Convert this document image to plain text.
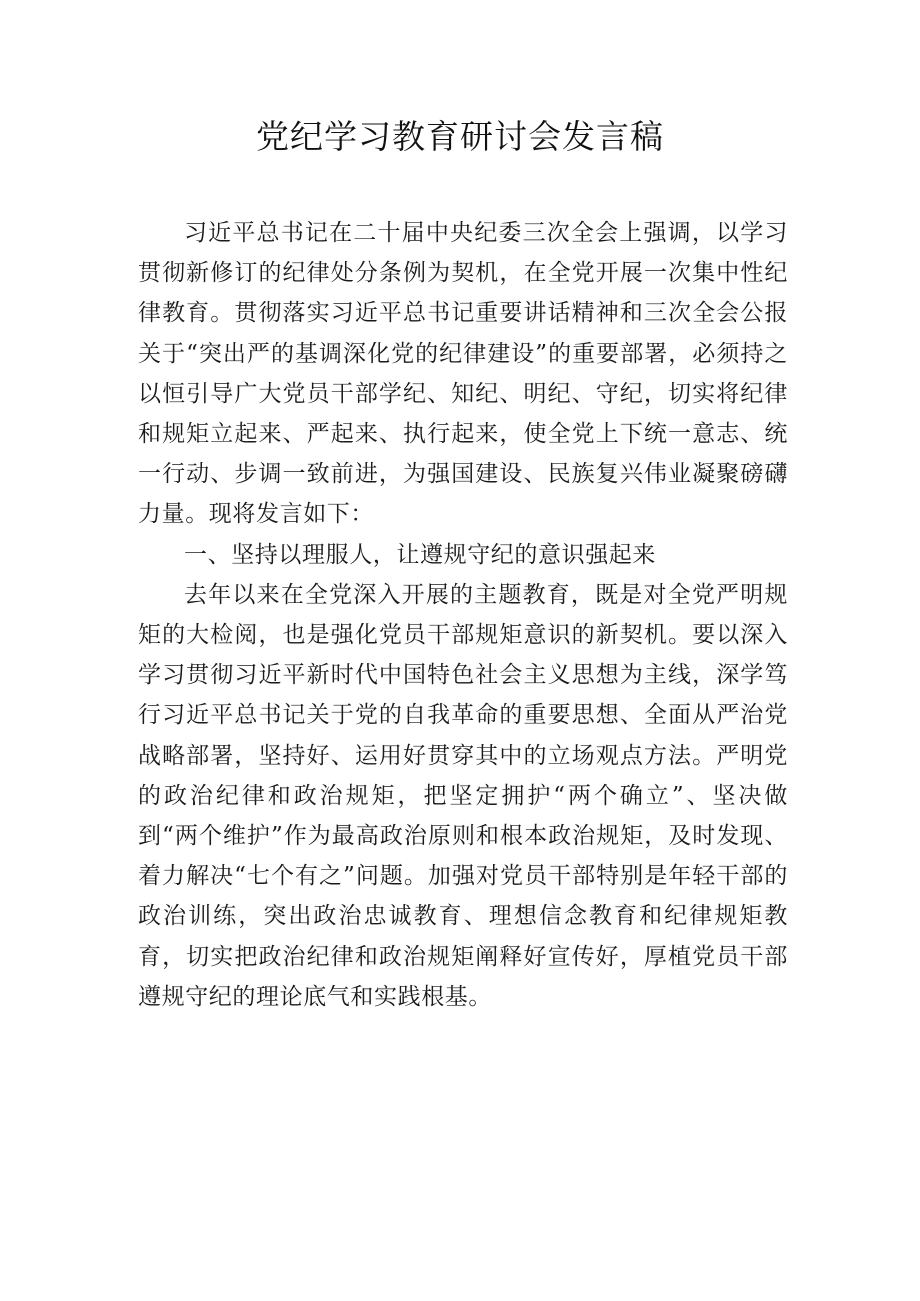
党纪学习教育研讨会发言稿

习近平总书记在二十届中央纪委三次全会上强调，以学习贯彻新修订的纪律处分条例为契机，在全党开展一次集中性纪律教育。贯彻落实习近平总书记重要讲话精神和三次全会公报关于“突出严的基调深化党的纪律建设”的重要部署，必须持之以恒引导广大党员干部学纪、知纪、明纪、守纪，切实将纪律和规矩立起来、严起来、执行起来，使全党上下统一意志、统一行动、步调一致前进，为强国建设、民族复兴伟业凝聚磅礴力量。现将发言如下：

一、坚持以理服人，让遵规守纪的意识强起来

去年以来在全党深入开展的主题教育，既是对全党严明规矩的大检阅，也是强化党员干部规矩意识的新契机。要以深入学习贯彻习近平新时代中国特色社会主义思想为主线，深学笃行习近平总书记关于党的自我革命的重要思想、全面从严治党战略部署，坚持好、运用好贯穿其中的立场观点方法。严明党的政治纪律和政治规矩，把坚定拥护“两个确立”、坚决做到“两个维护”作为最高政治原则和根本政治规矩，及时发现、着力解决“七个有之”问题。加强对党员干部特别是年轻干部的政治训练，突出政治忠诚教育、理想信念教育和纪律规矩教育，切实把政治纪律和政治规矩阐释好宣传好，厚植党员干部遵规守纪的理论底气和实践根基。
